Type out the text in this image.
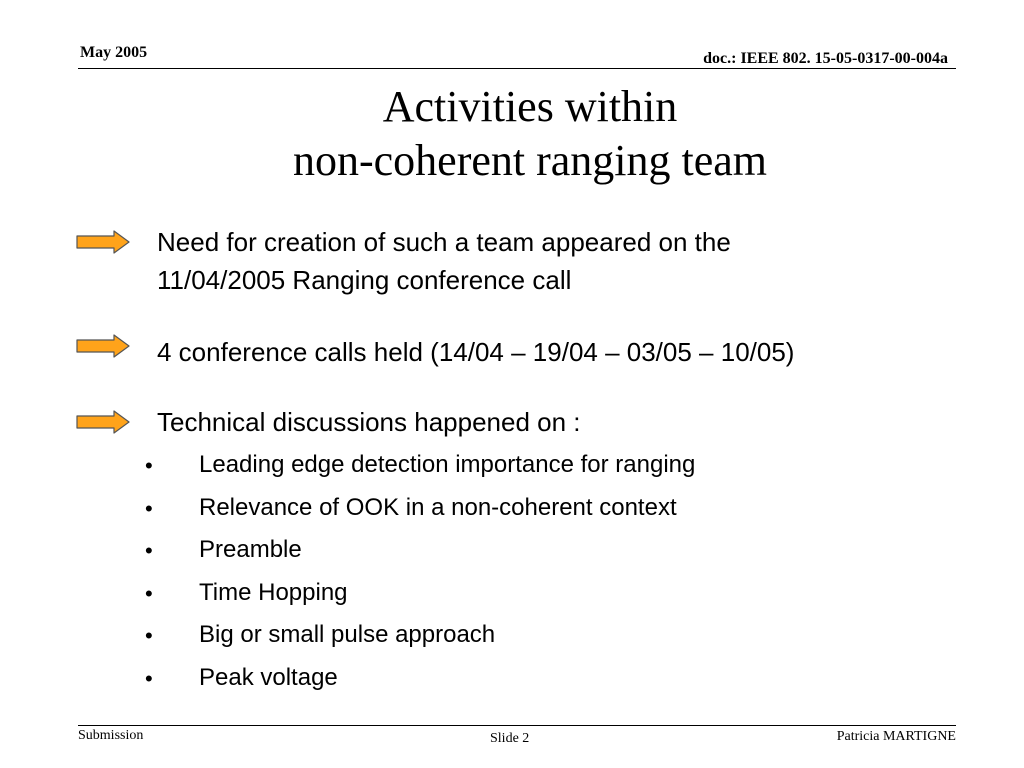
May 2005	doc.: IEEE 802. 15-05-0317-00-004a
Activities within
non-coherent ranging team
Need for creation of such a team appeared on the
11/04/2005 Ranging conference call
4 conference calls held (14/04 – 19/04 – 03/05 – 10/05)
Technical discussions happened on :
• Leading edge detection importance for ranging
• Relevance of OOK in a non-coherent context
• Preamble
• Time Hopping
• Big or small pulse approach
• Peak voltage
Submission	Slide 2	Patricia MARTIGNE
